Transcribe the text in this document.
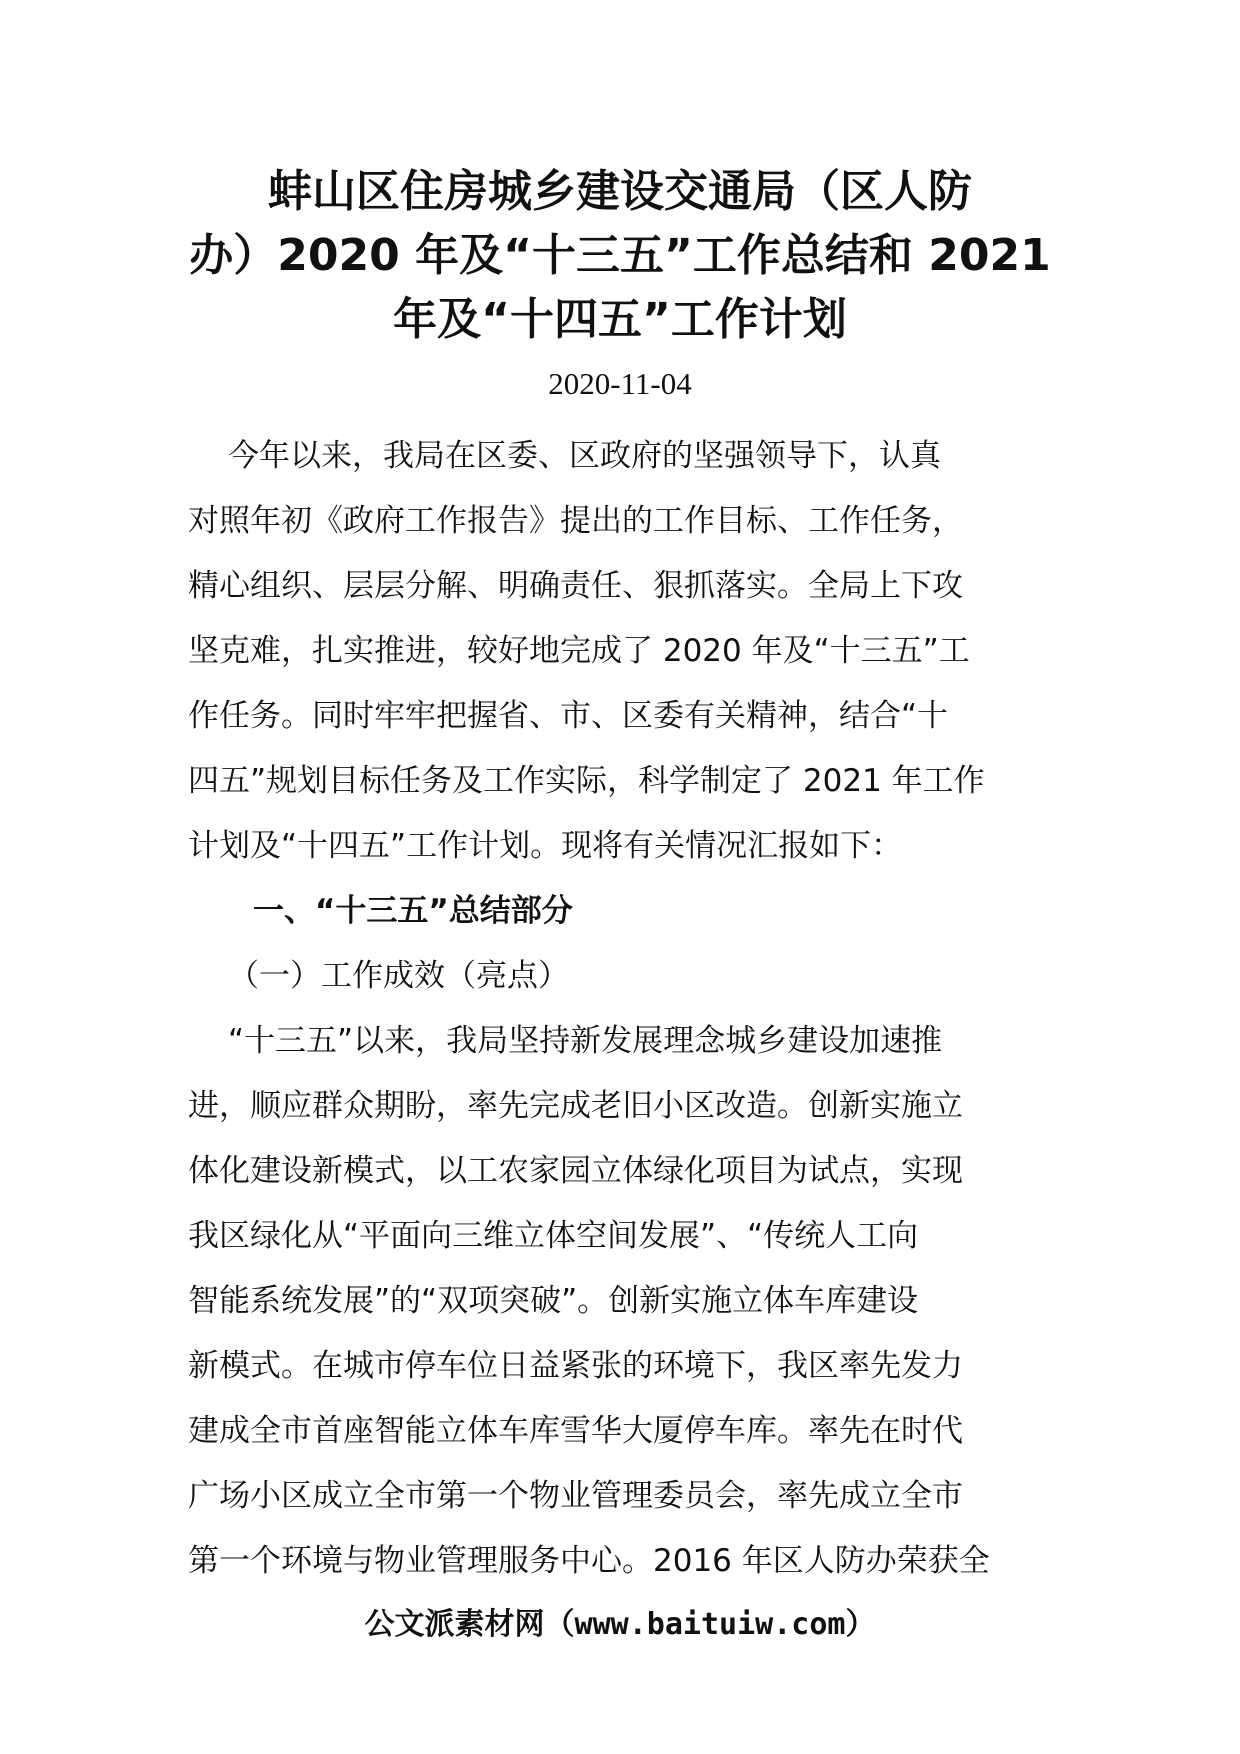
蚌山区住房城乡建设交通局（区人防
办）2020 年及“十三五”工作总结和 2021
年及“十四五”工作计划
2020-11-04
今年以来，我局在区委、区政府的坚强领导下，认真
对照年初《政府工作报告》提出的工作目标、工作任务，
精心组织、层层分解、明确责任、狠抓落实。全局上下攻
坚克难，扎实推进，较好地完成了 2020 年及“十三五”工
作任务。同时牢牢把握省、市、区委有关精神，结合“十
四五”规划目标任务及工作实际，科学制定了 2021 年工作
计划及“十四五”工作计划。现将有关情况汇报如下：
一、“十三五”总结部分
（一）工作成效（亮点）
“十三五”以来，我局坚持新发展理念城乡建设加速推
进，顺应群众期盼，率先完成老旧小区改造。创新实施立
体化建设新模式，以工农家园立体绿化项目为试点，实现
我区绿化从“平面向三维立体空间发展”、“传统人工向
智能系统发展”的“双项突破”。创新实施立体车库建设
新模式。在城市停车位日益紧张的环境下，我区率先发力
建成全市首座智能立体车库雪华大厦停车库。率先在时代
广场小区成立全市第一个物业管理委员会，率先成立全市
第一个环境与物业管理服务中心。2016 年区人防办荣获全
公文派素材网（www.baituiw.com）
